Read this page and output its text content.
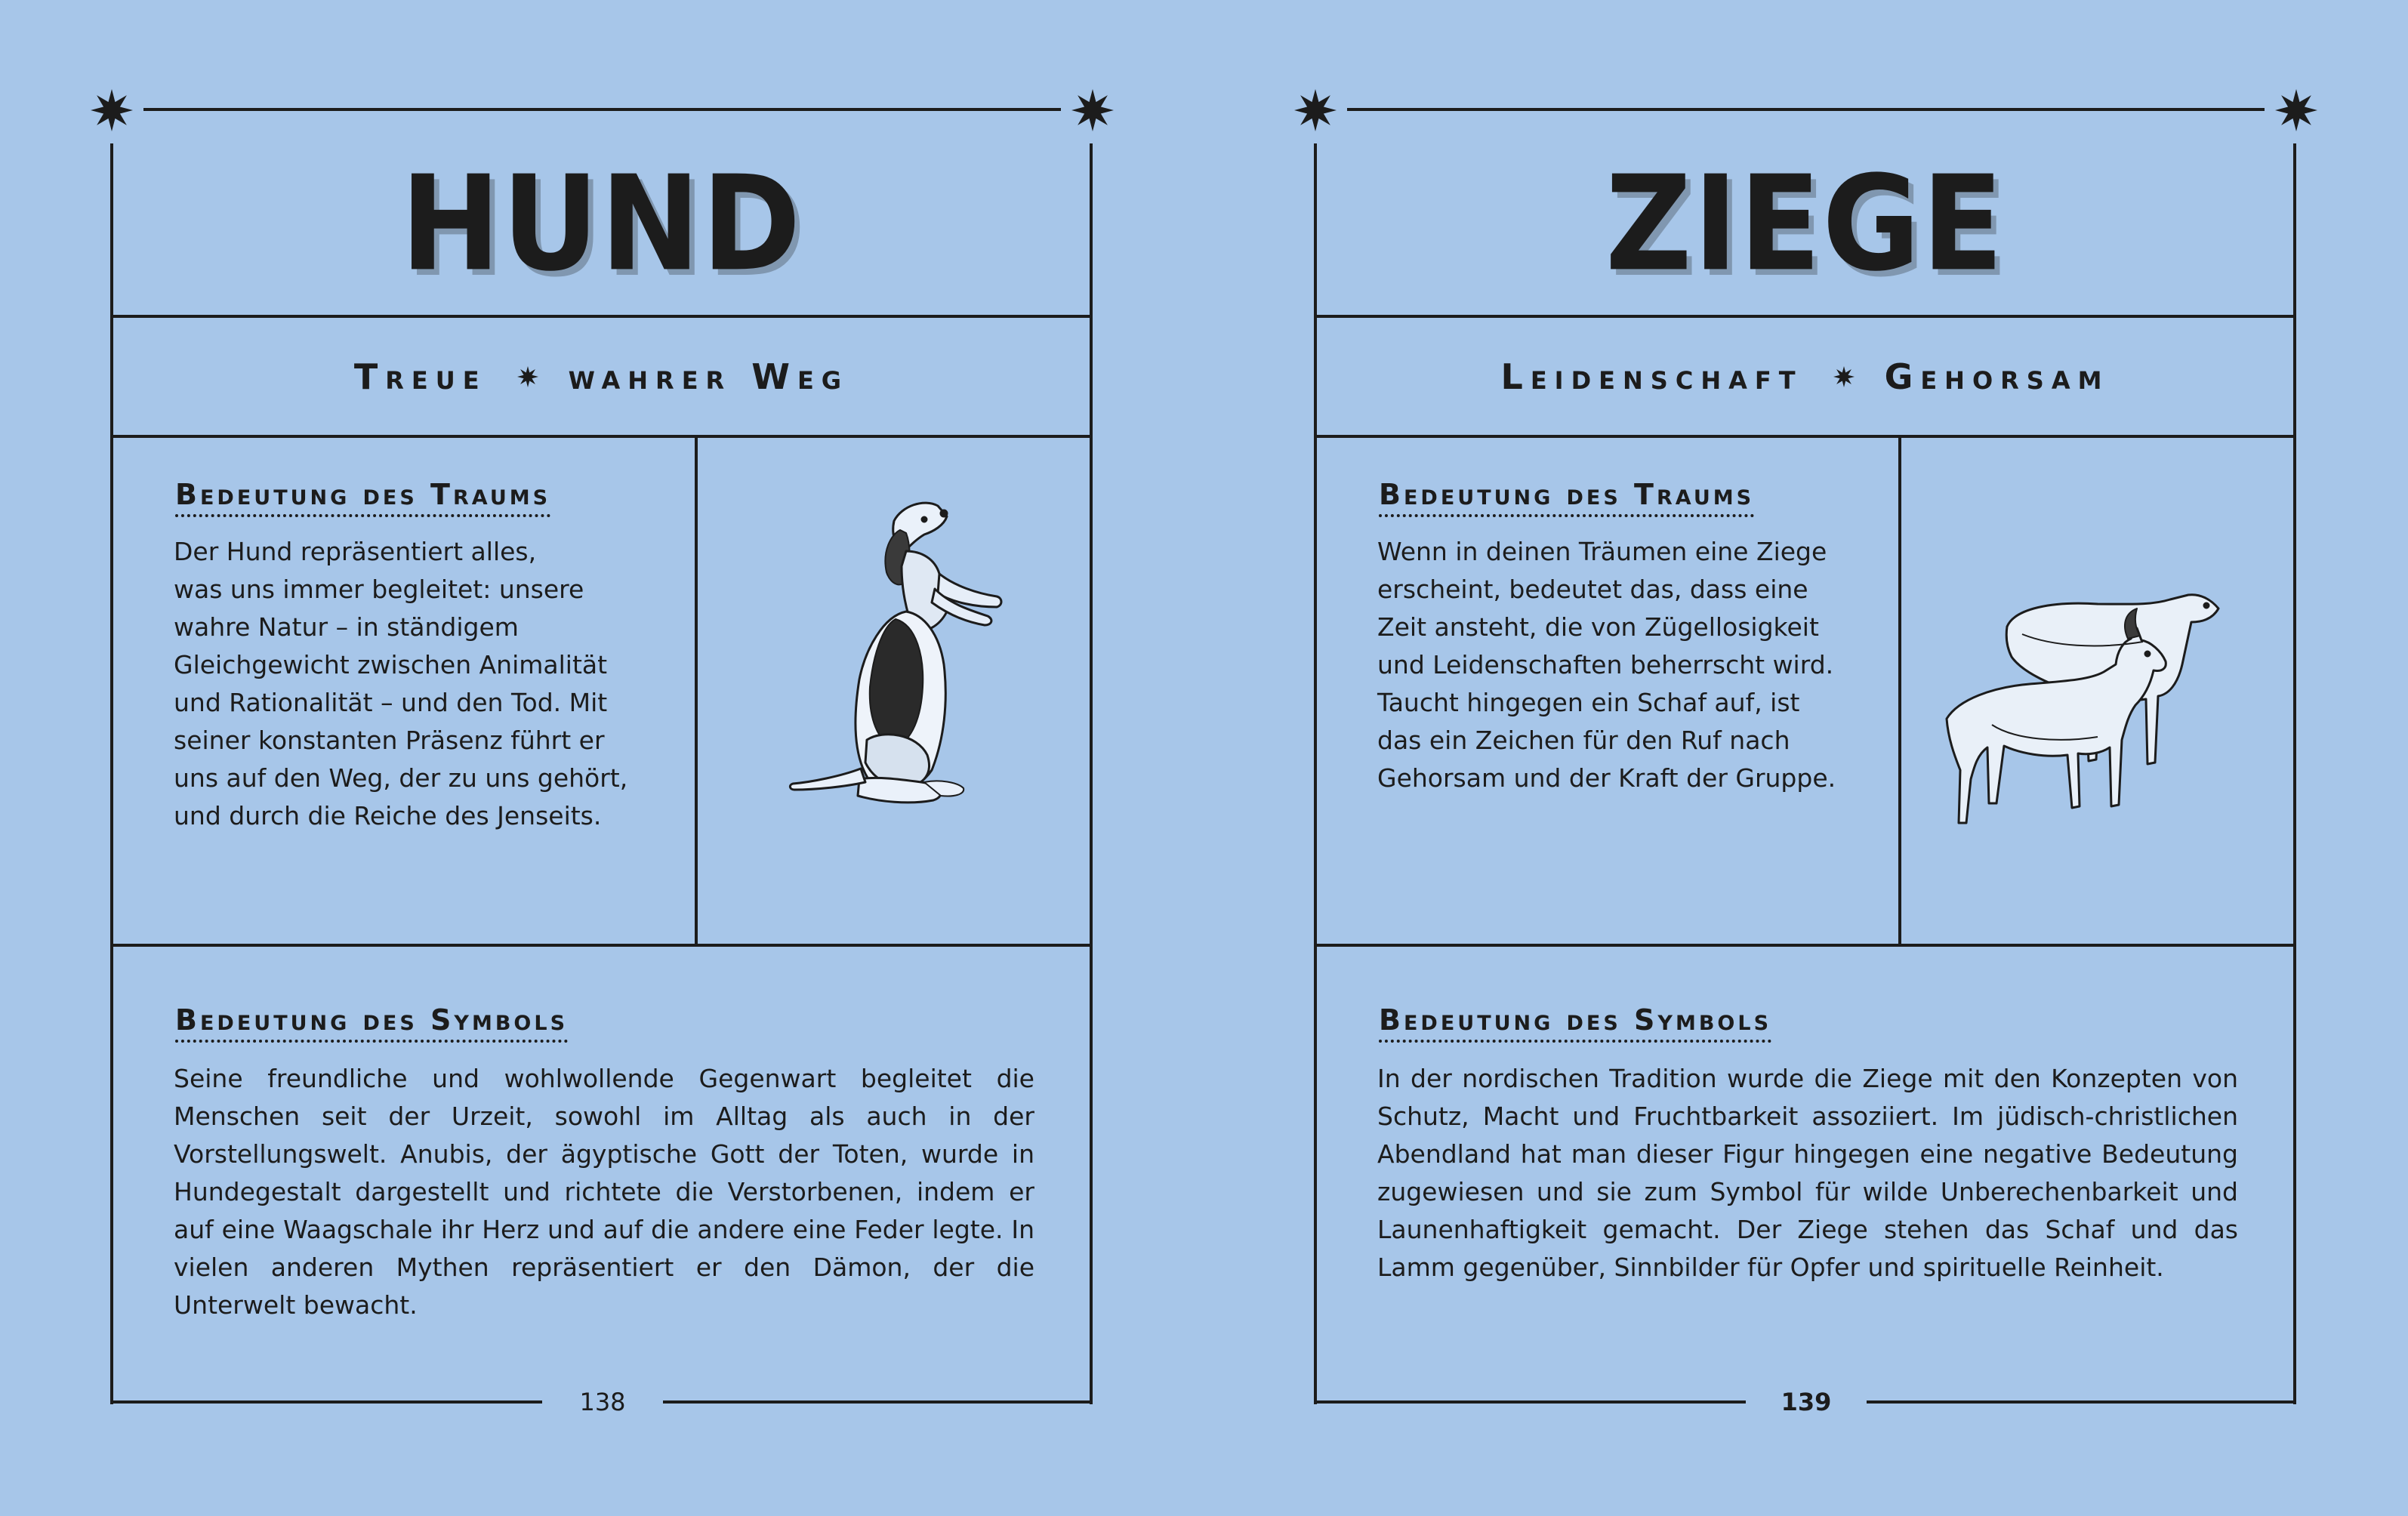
HUND
Treue wahrer Weg
Bedeutung des Traums
Der Hund repräsentiert alles,
was uns immer begleitet: unsere
wahre Natur – in ständigem
Gleichgewicht zwischen Animalität
und Rationalität – und den Tod. Mit
seiner konstanten Präsenz führt er
uns auf den Weg, der zu uns gehört,
und durch die Reiche des Jenseits.
Bedeutung des Symbols
Seine freundliche und wohlwollende Gegenwart begleitet die Menschen seit der Urzeit, sowohl im Alltag als auch in der Vorstellungswelt. Anubis, der ägyptische Gott der Toten, wurde in Hundegestalt dargestellt und richtete die Verstorbenen, indem er auf eine Waagschale ihr Herz und auf die andere eine Feder legte. In vielen anderen Mythen repräsentiert er den Dämon, der die Unterwelt bewacht.
138
ZIEGE
Leidenschaft Gehorsam
Bedeutung des Traums
Wenn in deinen Träumen eine Ziege
erscheint, bedeutet das, dass eine
Zeit ansteht, die von Zügellosigkeit
und Leidenschaften beherrscht wird.
Taucht hingegen ein Schaf auf, ist
das ein Zeichen für den Ruf nach
Gehorsam und der Kraft der Gruppe.
Bedeutung des Symbols
In der nordischen Tradition wurde die Ziege mit den Konzepten von Schutz, Macht und Fruchtbarkeit assoziiert. Im jüdisch-christlichen Abendland hat man dieser Figur hingegen eine negative Bedeutung zugewiesen und sie zum Symbol für wilde Unberechenbarkeit und Launenhaftigkeit gemacht. Der Ziege stehen das Schaf und das Lamm gegenüber, Sinnbilder für Opfer und spirituelle Reinheit.
139
